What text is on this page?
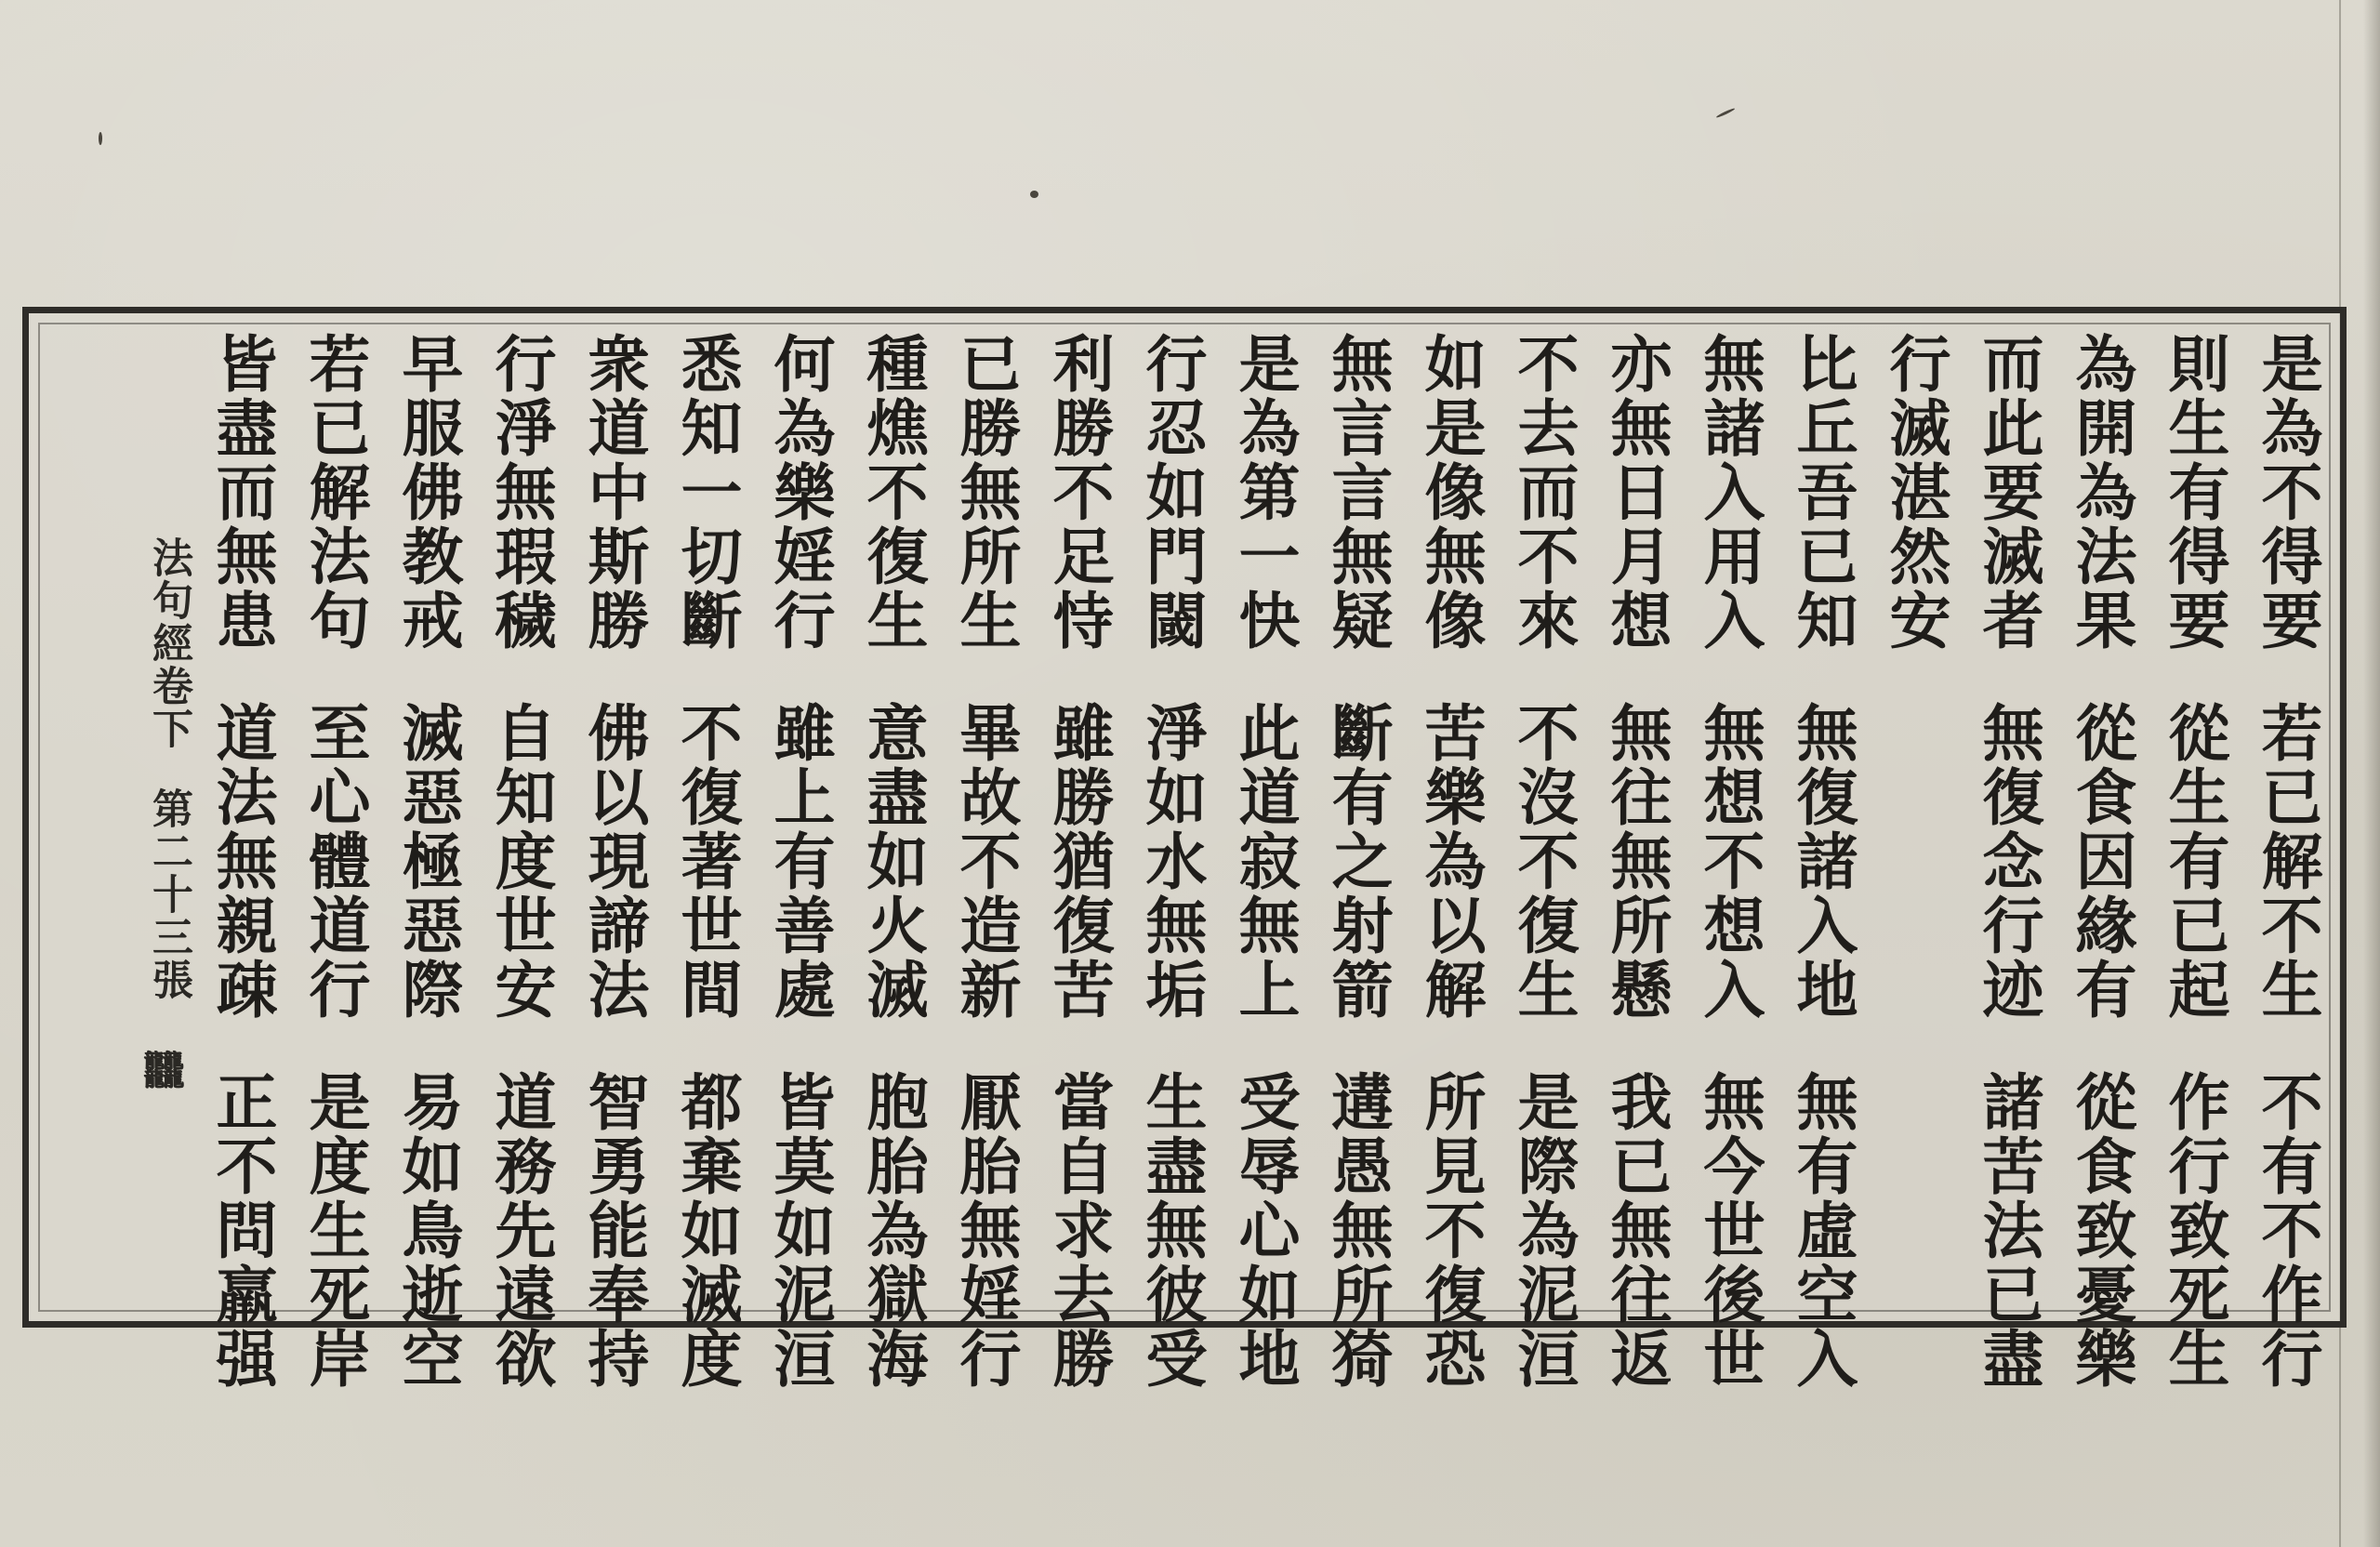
法句經卷下
第二十三張
𪚥
是為不得要若已解不生不有不作行
則生有得要從生有已起作行致死生
為開為法果從食因緣有從食致憂樂
而此要滅者無復念行迹諸苦法已盡
行滅湛然安
比丘吾已知無復諸入地無有虛空入
無諸入用入無想不想入無今世後世
亦無日月想無往無所懸我已無往返
不去而不來不沒不復生是際為泥洹
如是像無像苦樂為以解所見不復恐
無言言無疑斷有之射箭遘愚無所猗
是為第一快此道寂無上受辱心如地
行忍如門閾淨如水無垢生盡無彼受
利勝不足恃雖勝猶復苦當自求去勝
已勝無所生畢故不造新厭胎無婬行
種燋不復生意盡如火滅胞胎為獄海
何為樂婬行雖上有善處皆莫如泥洹
悉知一切斷不復著世間都棄如滅度
衆道中斯勝佛以現諦法智勇能奉持
行淨無瑕穢自知度世安道務先遠欲
早服佛教戒滅惡極惡際易如鳥逝空
若已解法句至心體道行是度生死岸
皆盡而無患道法無親疎正不問羸强
